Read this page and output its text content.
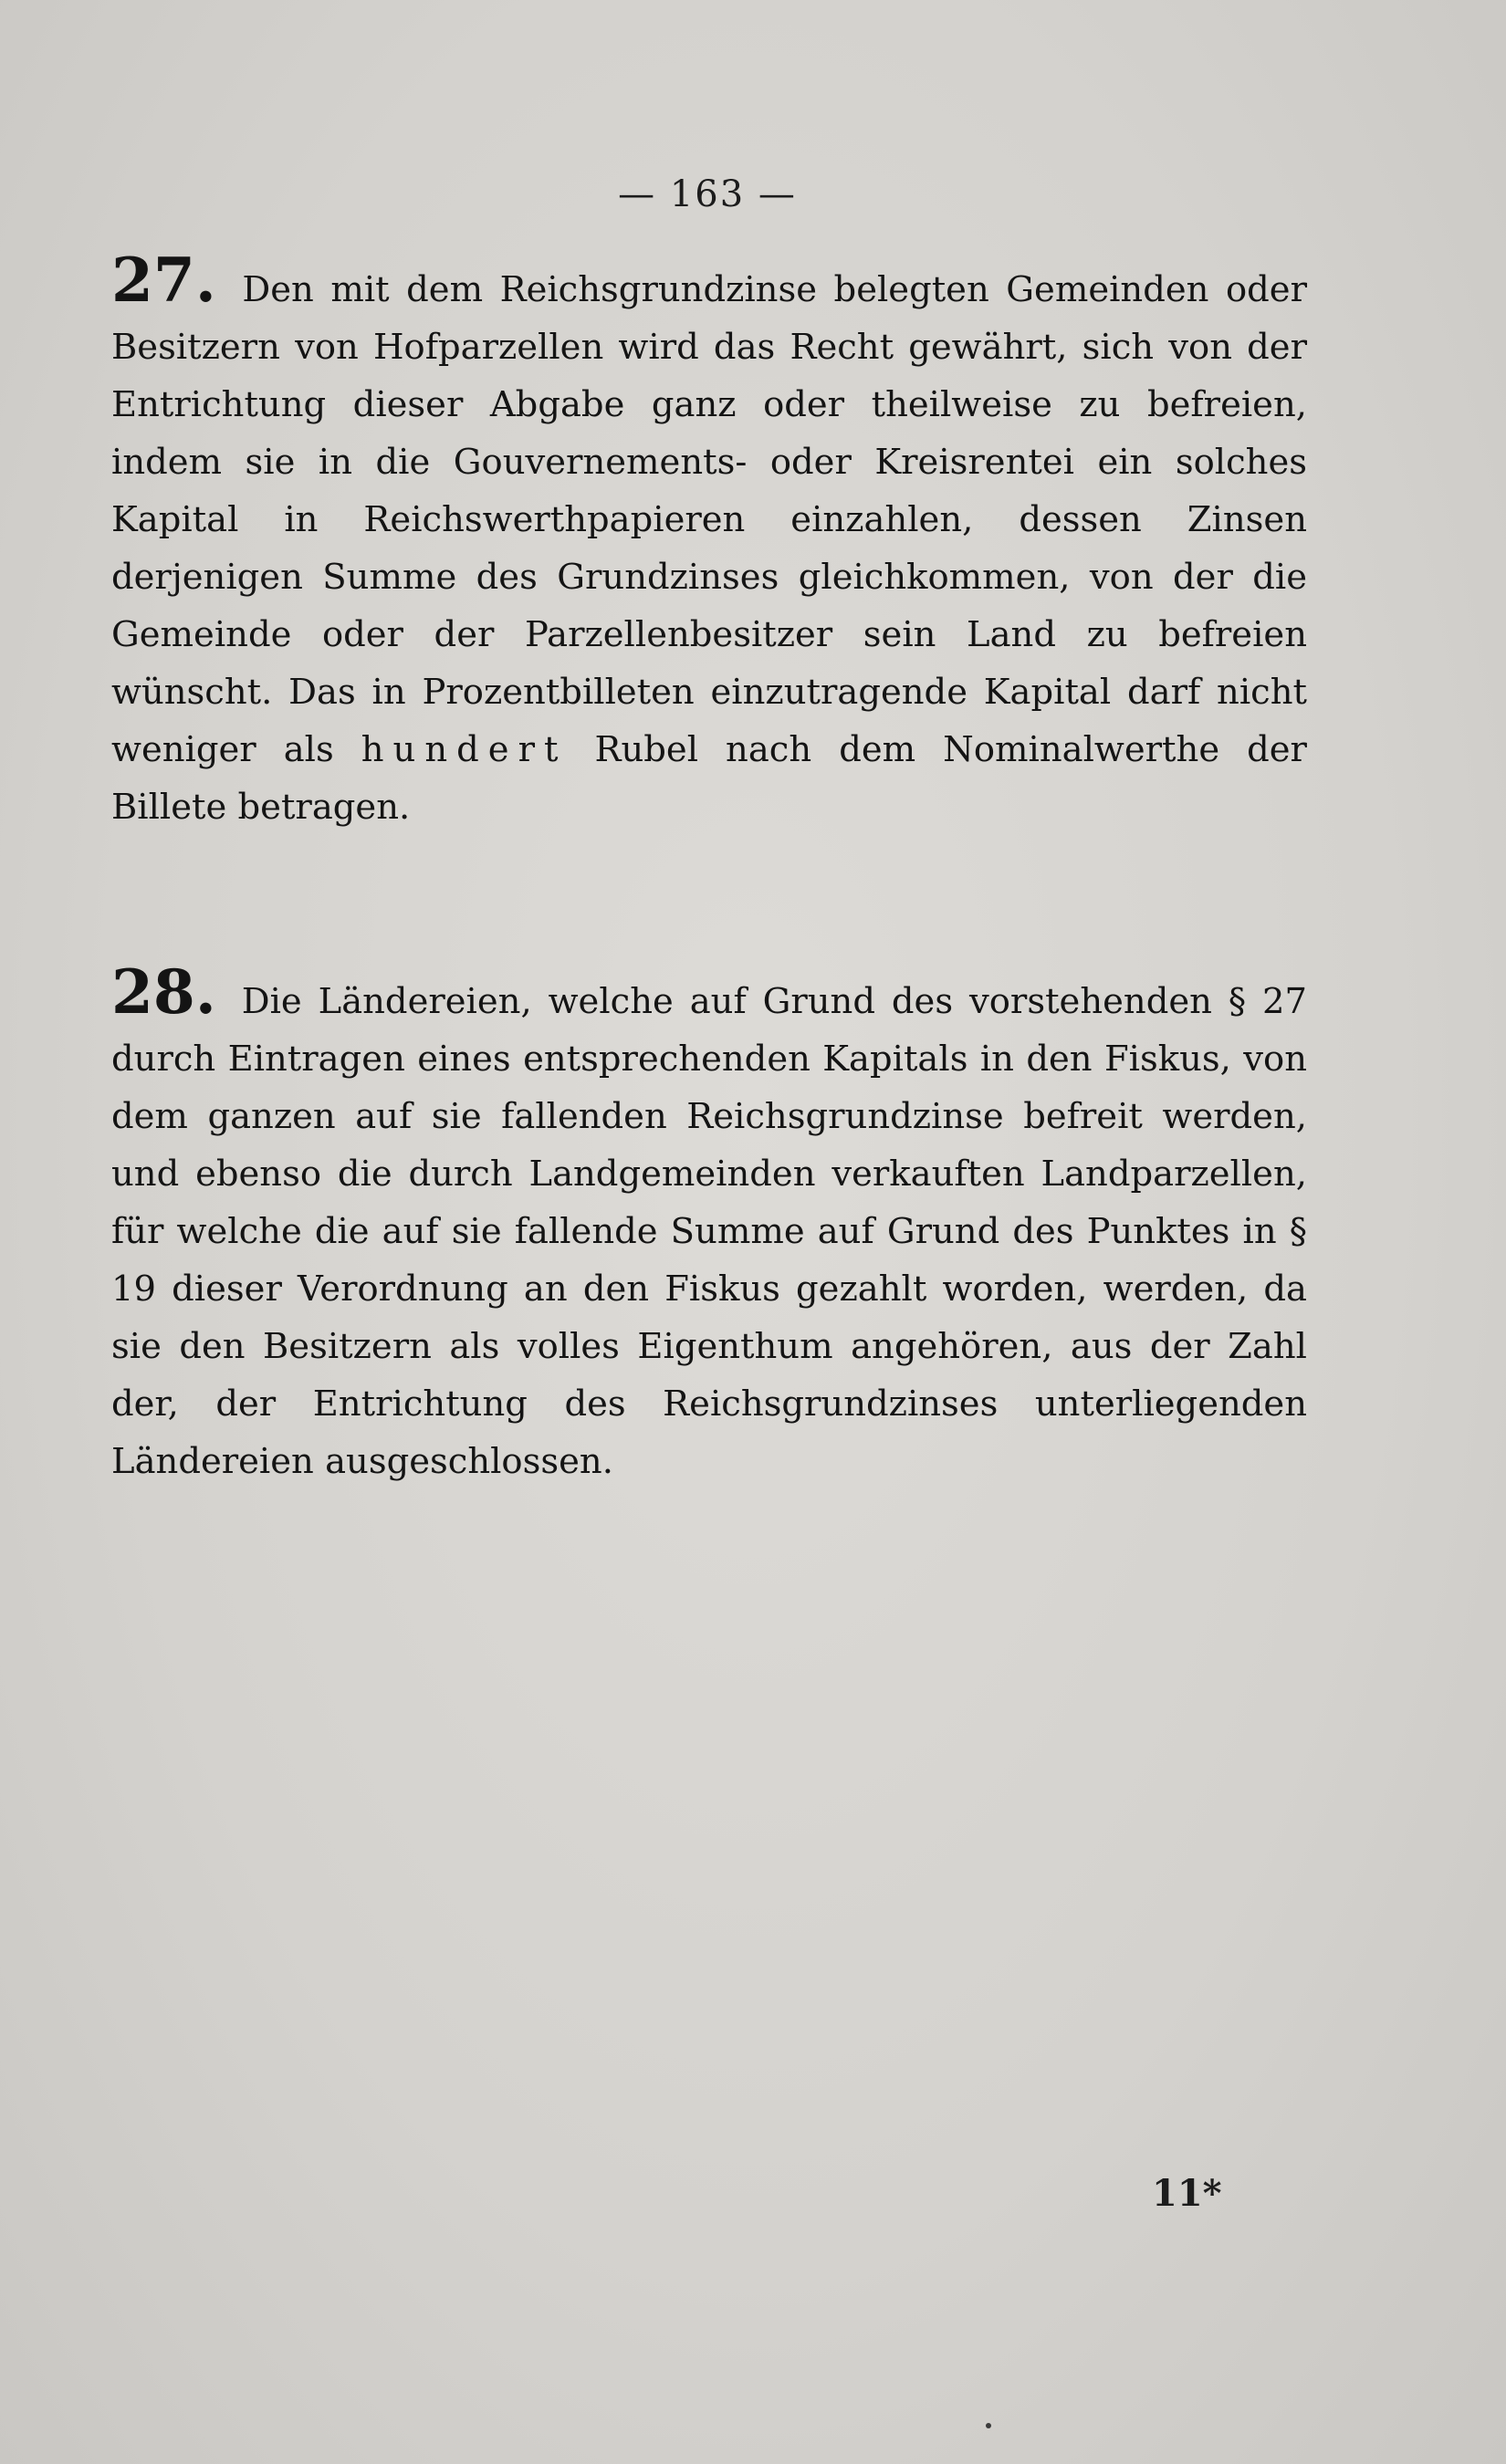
— 163 —
27. Den mit dem Reichsgrundzinse belegten Gemeinden oder Besitzern von Hofparzellen wird das Recht gewährt, sich von der Entrichtung dieser Abgabe ganz oder theilweise zu befreien, indem sie in die Gouvernements- oder Kreisrentei ein solches Kapital in Reichswerthpapieren einzahlen, dessen Zinsen derjenigen Summe des Grundzinses gleichkommen, von der die Gemeinde oder der Parzellenbesitzer sein Land zu befreien wünscht. Das in Prozentbilleten einzutragende Kapital darf nicht weniger als hundert Rubel nach dem Nominalwerthe der Billete betragen.
28. Die Ländereien, welche auf Grund des vorstehenden § 27 durch Eintragen eines entsprechenden Kapitals in den Fiskus, von dem ganzen auf sie fallenden Reichsgrundzinse befreit werden, und ebenso die durch Landgemeinden verkauften Landparzellen, für welche die auf sie fallende Summe auf Grund des Punktes in § 19 dieser Verordnung an den Fiskus gezahlt worden, werden, da sie den Besitzern als volles Eigenthum angehören, aus der Zahl der, der Entrichtung des Reichsgrundzinses unterliegenden Ländereien ausgeschlossen.
11*
